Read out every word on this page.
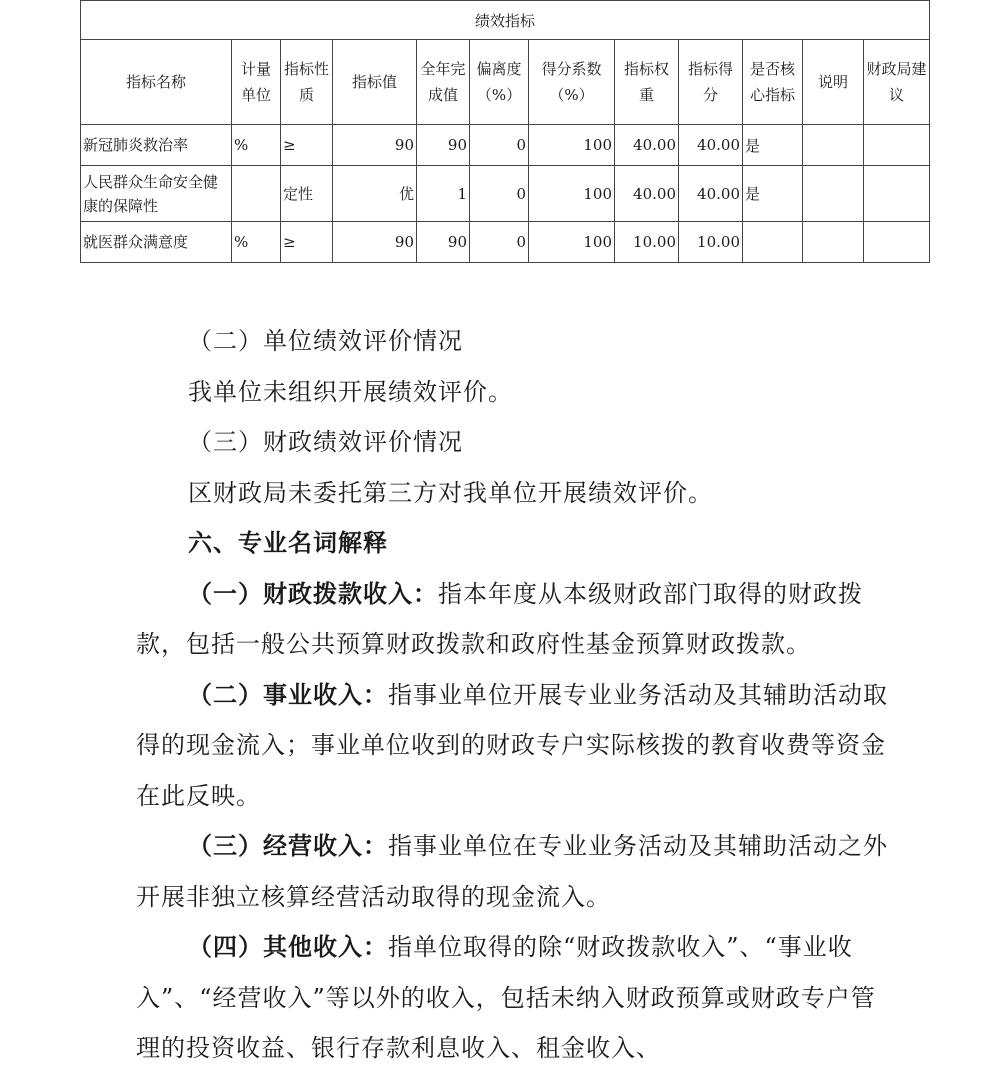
绩效指标											
指标名称	计量单位	指标性质	指标值	全年完成值	偏离度（%）	得分系数（%）	指标权重	指标得分	是否核心指标	说明	财政局建议
新冠肺炎救治率	%	≥	90	90	0	100	40.00	40.00	是		
人民群众生命安全健康的保障性		定性	优	1	0	100	40.00	40.00	是		
就医群众满意度	%	≥	90	90	0	100	10.00	10.00			

（二）单位绩效评价情况

我单位未组织开展绩效评价。

（三）财政绩效评价情况

区财政局未委托第三方对我单位开展绩效评价。

六、专业名词解释

（一）财政拨款收入：指本年度从本级财政部门取得的财政拨款，包括一般公共预算财政拨款和政府性基金预算财政拨款。

（二）事业收入：指事业单位开展专业业务活动及其辅助活动取得的现金流入；事业单位收到的财政专户实际核拨的教育收费等资金在此反映。

（三）经营收入：指事业单位在专业业务活动及其辅助活动之外开展非独立核算经营活动取得的现金流入。

（四）其他收入：指单位取得的除“财政拨款收入”、“事业收入”、“经营收入”等以外的收入，包括未纳入财政预算或财政专户管理的投资收益、银行存款利息收入、租金收入、
